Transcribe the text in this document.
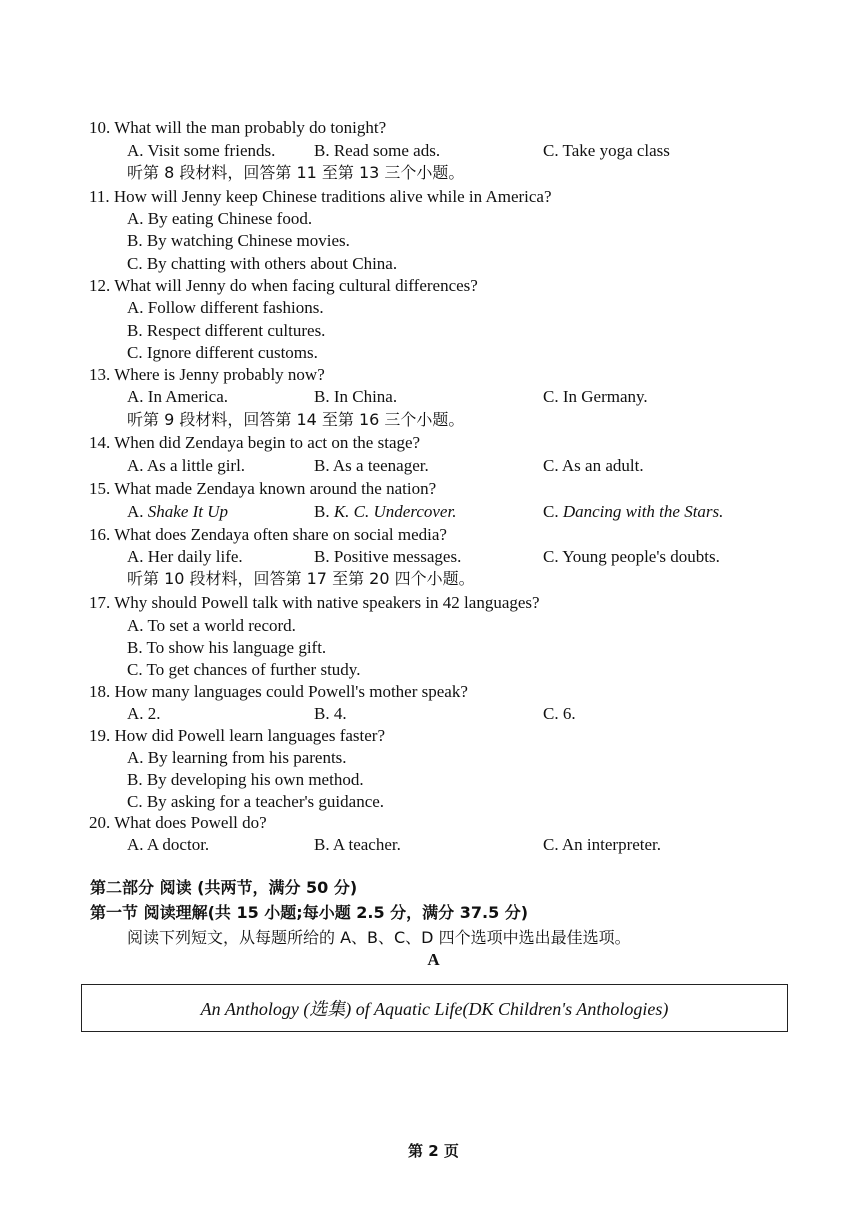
10. What will the man probably do tonight?
A. Visit some friends. B. Read some ads.	C. Take yoga class
听第 8 段材料，回答第 11 至第 13 三个小题。
11. How will Jenny keep Chinese traditions alive while in America?
A. By eating Chinese food.
B. By watching Chinese movies.
C. By chatting with others about China.
12. What will Jenny do when facing cultural differences?
A. Follow different fashions.
B. Respect different cultures.
C. Ignore different customs.
13. Where is Jenny probably now?
A. In America.	B. In China.	C. In Germany.
听第 9 段材料，回答第 14 至第 16 三个小题。
14. When did Zendaya begin to act on the stage?
A. As a little girl.	B. As a teenager.	C. As an adult.
15. What made Zendaya known around the nation?
A. Shake It Up	B. K. C. Undercover.	C. Dancing with the Stars.
16. What does Zendaya often share on social media?
A. Her daily life.	B. Positive messages.	C. Young people's doubts.
听第 10 段材料，回答第 17 至第 20 四个小题。
17. Why should Powell talk with native speakers in 42 languages?
A. To set a world record.
B. To show his language gift.
C. To get chances of further study.
18. How many languages could Powell's mother speak?
A. 2.	B. 4.	C. 6.
19. How did Powell learn languages faster?
A. By learning from his parents.
B. By developing his own method.
C. By asking for a teacher's guidance.
20. What does Powell do?
A. A doctor.	B. A teacher.	C. An interpreter.
第二部分 阅读 (共两节，满分 50 分)
第一节 阅读理解(共 15 小题;每小题 2.5 分，满分 37.5 分)
阅读下列短文，从每题所给的 A、B、C、D 四个选项中选出最佳选项。
A
An Anthology (选集) of Aquatic Life(DK Children's Anthologies)
第 2 页
